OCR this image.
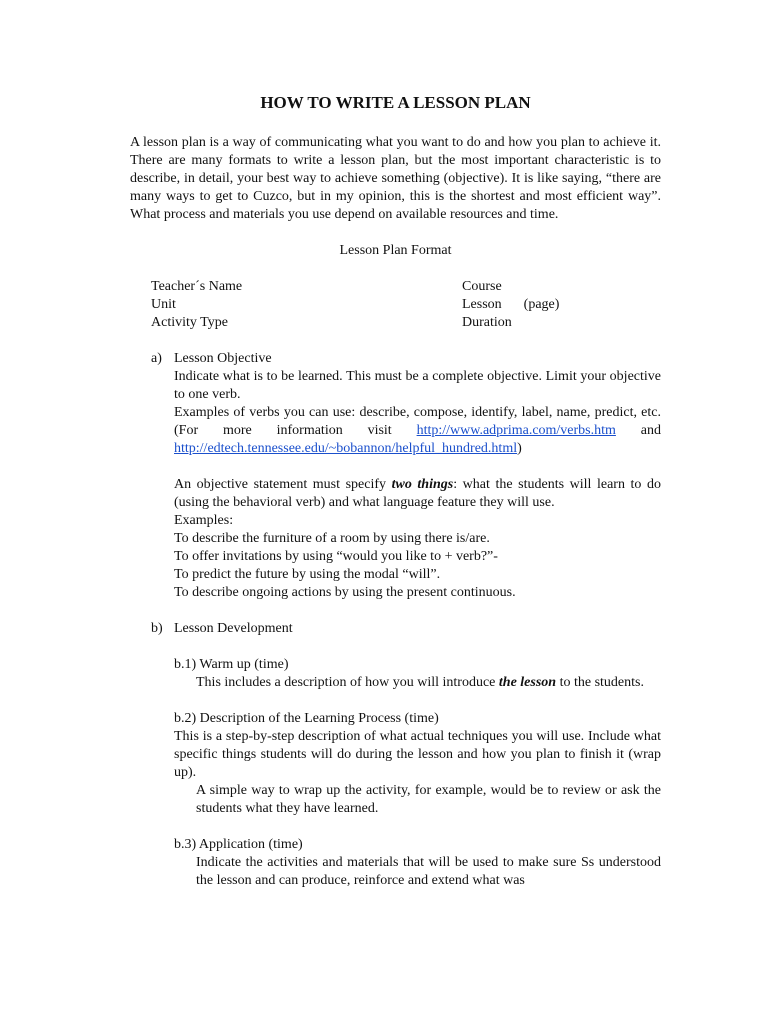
HOW TO WRITE A LESSON PLAN

A lesson plan is a way of communicating what you want to do and how you plan to achieve it. There are many formats to write a lesson plan, but the most important characteristic is to describe, in detail, your best way to achieve something (objective). It is like saying, “there are many ways to get to Cuzco, but in my opinion, this is the shortest and most efficient way”. What process and materials you use depend on available resources and time.

Lesson Plan Format

Teacher´s Name
Unit
Activity Type
Course
Lesson (page)
Duration
a) Lesson Objective

Indicate what is to be learned. This must be a complete objective. Limit your objective to one verb.

Examples of verbs you can use: describe, compose, identify, label, name, predict, etc. (For more information visit http://www.adprima.com/verbs.htm and http://edtech.tennessee.edu/~bobannon/helpful_hundred.html)

An objective statement must specify two things: what the students will learn to do (using the behavioral verb) and what language feature they will use.

Examples:
To describe the furniture of a room by using there is/are.
To offer invitations by using “would you like to + verb?”-
To predict the future by using the modal “will”.
To describe ongoing actions by using the present continuous.
b) Lesson Development
b.1) Warm up (time)

This includes a description of how you will introduce the lesson to the students.

b.2) Description of the Learning Process (time)

This is a step-by-step description of what actual techniques you will use. Include what specific things students will do during the lesson and how you plan to finish it (wrap up).

A simple way to wrap up the activity, for example, would be to review or ask the students what they have learned.

b.3) Application (time)

Indicate the activities and materials that will be used to make sure Ss understood the lesson and can produce, reinforce and extend what was
